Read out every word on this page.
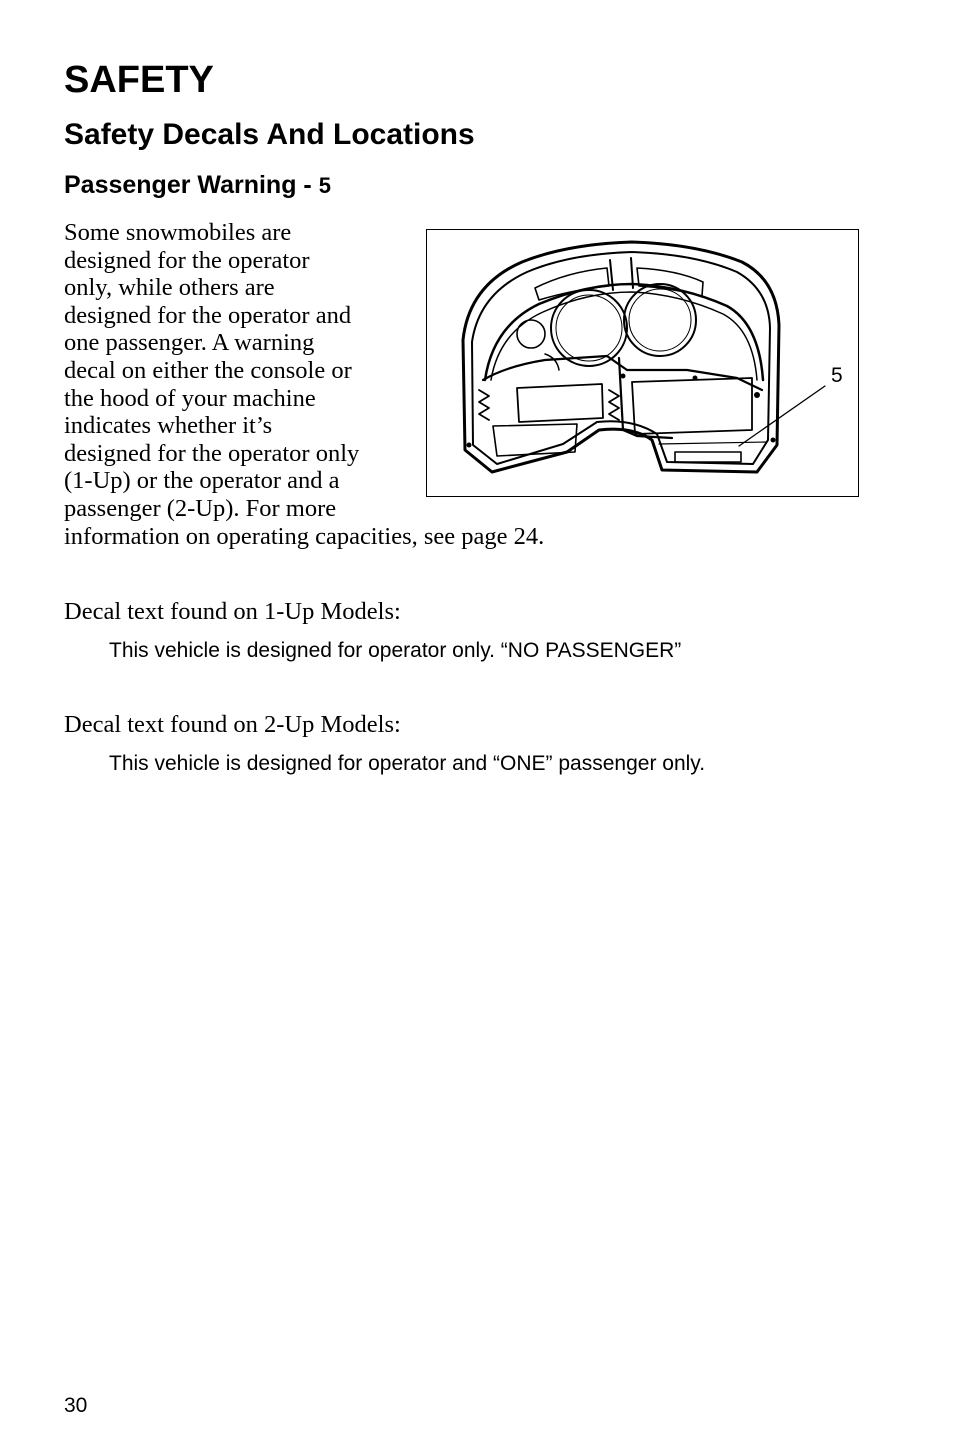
SAFETY
Safety Decals And Locations
Passenger Warning - 5
Some snowmobiles are
designed for the operator
only, while others are
designed for the operator and
one passenger. A warning
decal on either the console or
the hood of your machine
indicates whether it’s
designed for the operator only
(1-Up) or the operator and a
passenger (2-Up). For more
information on operating capacities, see page 24.
5
Decal text found on 1-Up Models:
This vehicle is designed for operator only. “NO PASSENGER”
Decal text found on 2-Up Models:
This vehicle is designed for operator and “ONE” passenger only.
30
